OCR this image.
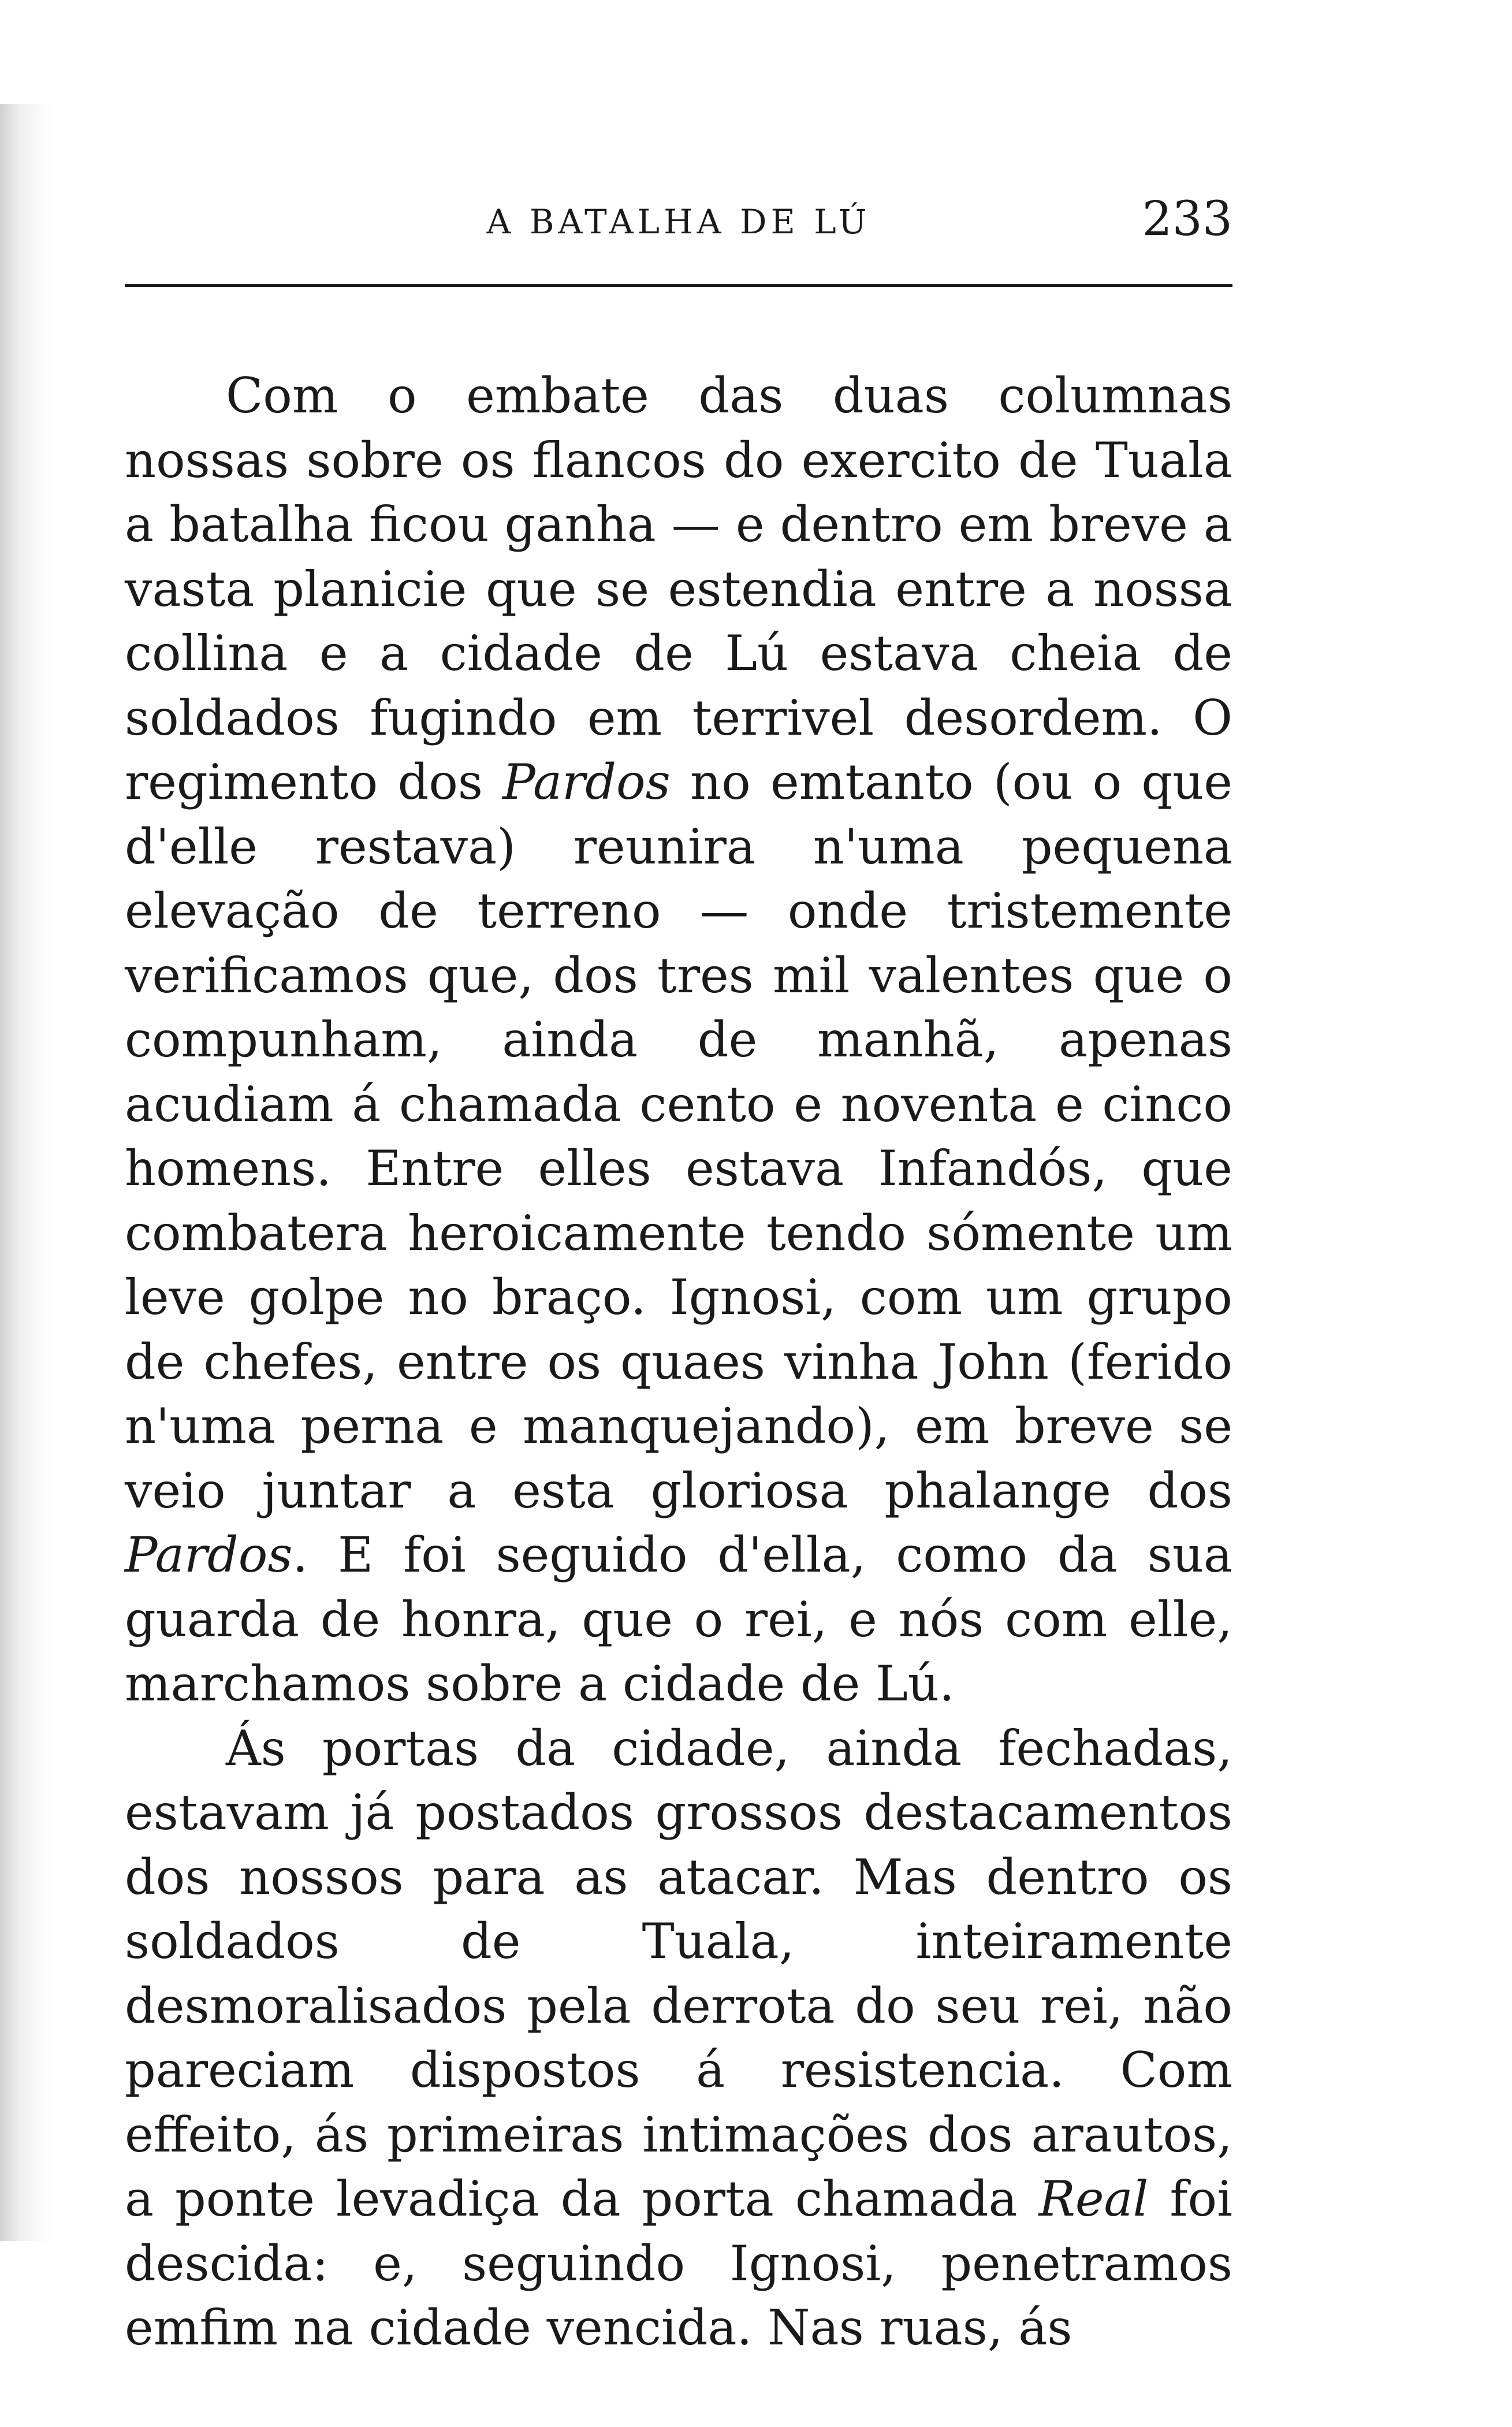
A BATALHA DE LÚ	233

Com o embate das duas columnas nossas sobre os flancos do exercito de Tuala a batalha ficou ganha — e dentro em breve a vasta planicie que se estendia entre a nossa collina e a cidade de Lú estava cheia de soldados fugindo em terrivel desordem. O regimento dos Pardos no emtanto (ou o que d'elle restava) reunira n'uma pequena elevação de terreno — onde tristemente verificamos que, dos tres mil valentes que o compunham, ainda de manhã, apenas acudiam á chamada cento e noventa e cinco homens. Entre elles estava Infandós, que combatera heroicamente tendo sómente um leve golpe no braço. Ignosi, com um grupo de chefes, entre os quaes vinha John (ferido n'uma perna e manquejando), em breve se veio juntar a esta gloriosa phalange dos Pardos. E foi seguido d'ella, como da sua guarda de honra, que o rei, e nós com elle, marchamos sobre a cidade de Lú.

Ás portas da cidade, ainda fechadas, estavam já postados grossos destacamentos dos nossos para as atacar. Mas dentro os soldados de Tuala, inteiramente desmoralisados pela derrota do seu rei, não pareciam dispostos á resistencia. Com effeito, ás primeiras intimações dos arautos, a ponte levadiça da porta chamada Real foi descida: e, seguindo Ignosi, penetramos emfim na cidade vencida. Nas ruas, ás
